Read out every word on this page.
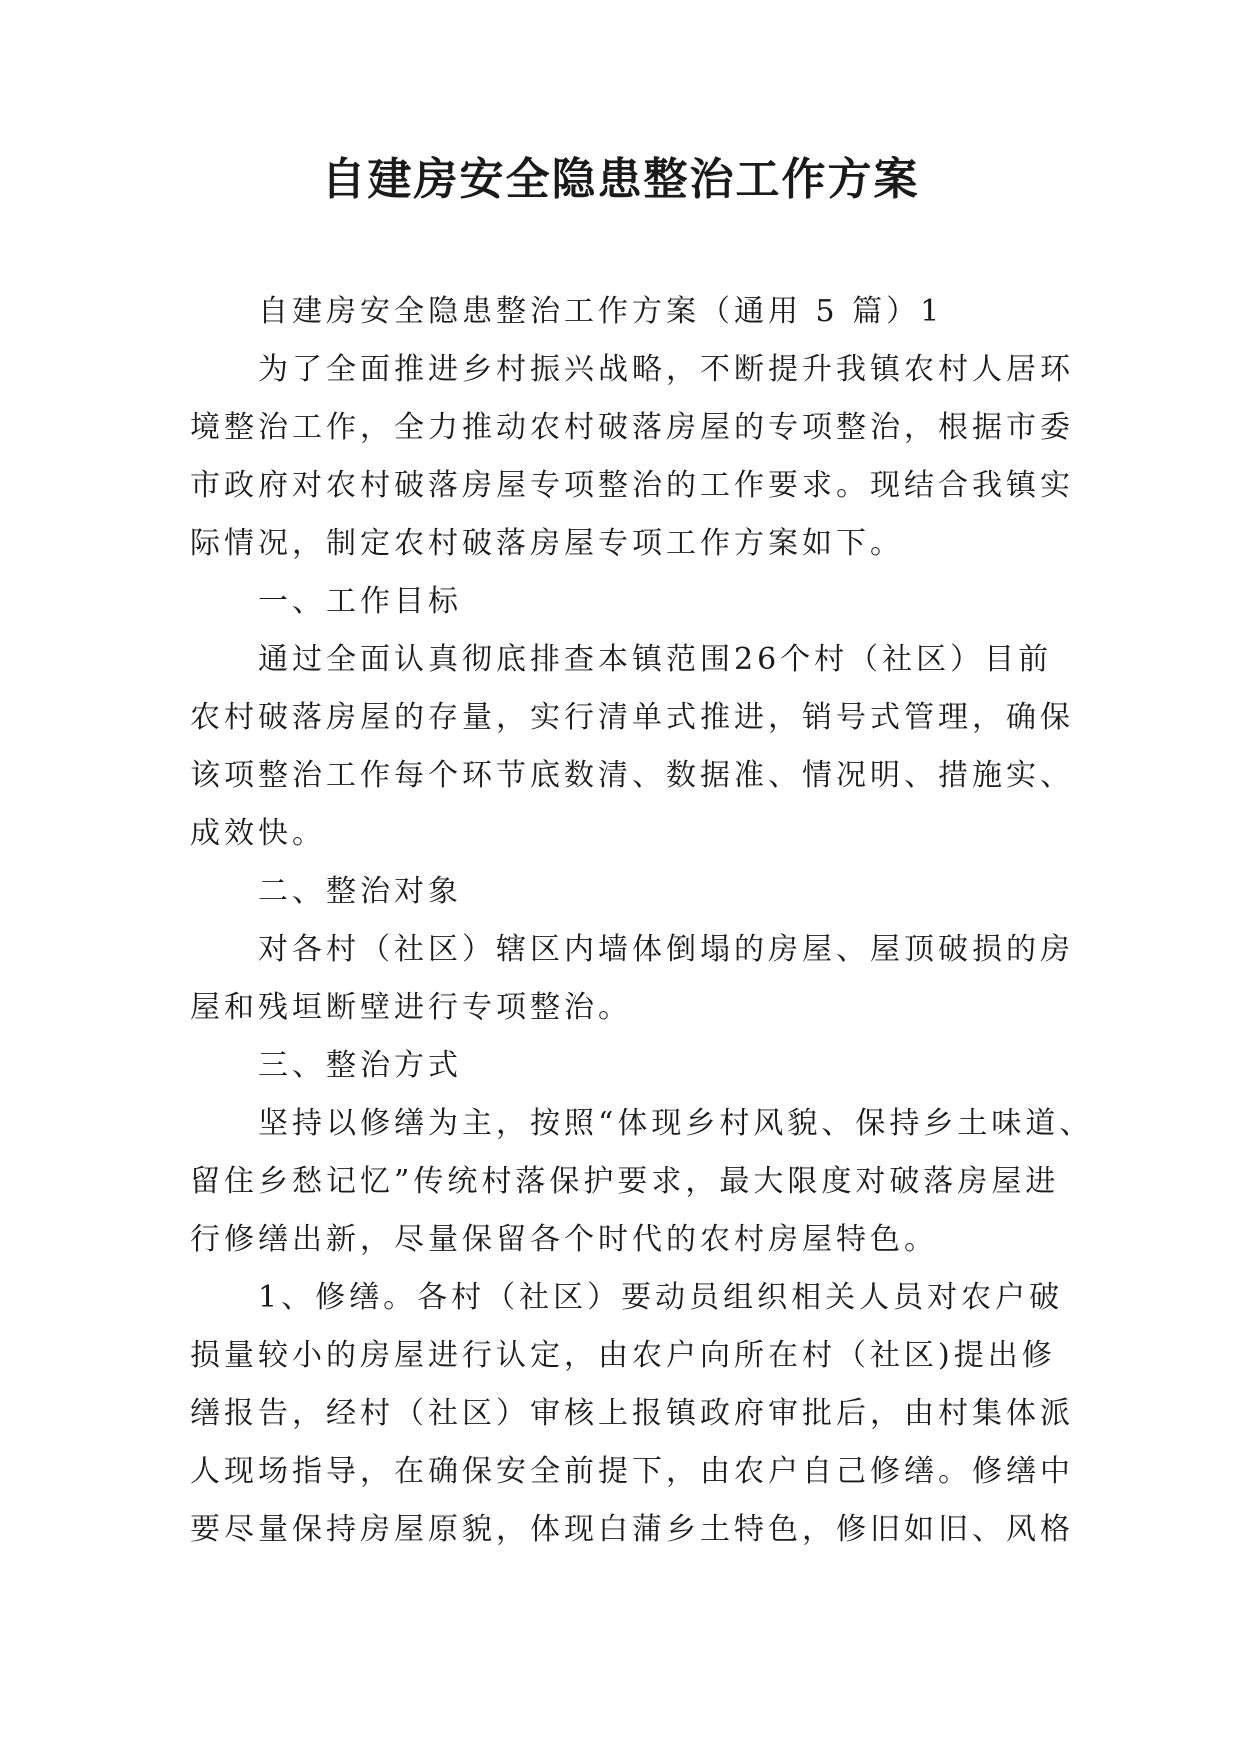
自建房安全隐患整治工作方案
自建房安全隐患整治工作方案（通用 5 篇）1
为了全面推进乡村振兴战略，不断提升我镇农村人居环
境整治工作，全力推动农村破落房屋的专项整治，根据市委
市政府对农村破落房屋专项整治的工作要求。现结合我镇实
际情况，制定农村破落房屋专项工作方案如下。
一、工作目标
通过全面认真彻底排查本镇范围26个村（社区）目前
农村破落房屋的存量，实行清单式推进，销号式管理，确保
该项整治工作每个环节底数清、数据准、情况明、措施实、
成效快。
二、整治对象
对各村（社区）辖区内墙体倒塌的房屋、屋顶破损的房
屋和残垣断壁进行专项整治。
三、整治方式
坚持以修缮为主，按照“体现乡村风貌、保持乡土味道、
留住乡愁记忆”传统村落保护要求，最大限度对破落房屋进
行修缮出新，尽量保留各个时代的农村房屋特色。
1、修缮。各村（社区）要动员组织相关人员对农户破
损量较小的房屋进行认定，由农户向所在村（社区)提出修
缮报告，经村（社区）审核上报镇政府审批后，由村集体派
人现场指导，在确保安全前提下，由农户自己修缮。修缮中
要尽量保持房屋原貌，体现白蒲乡土特色，修旧如旧、风格
